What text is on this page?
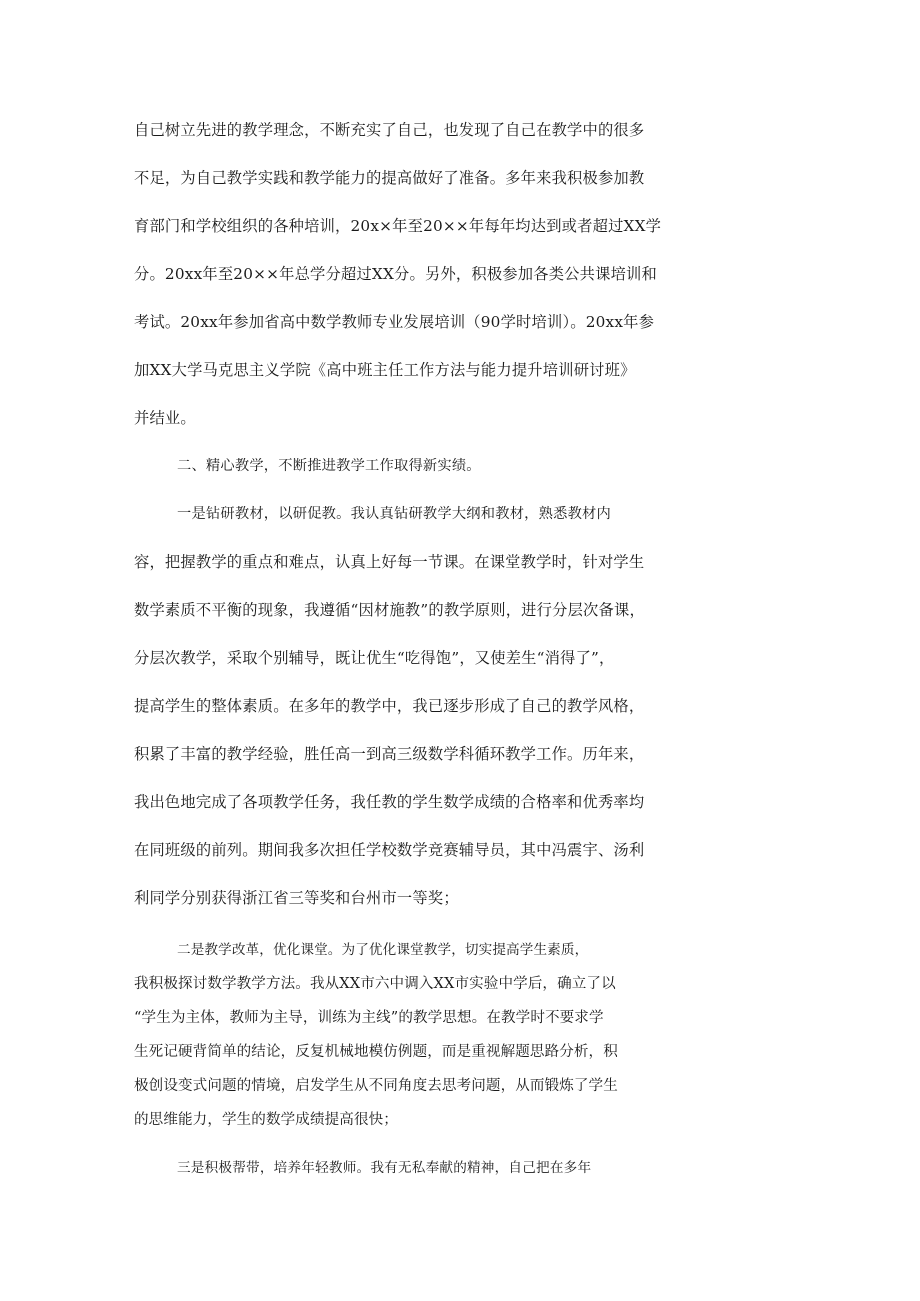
自己树立先进的教学理念，不断充实了自己，也发现了自己在教学中的很多
不足，为自己教学实践和教学能力的提高做好了准备。多年来我积极参加教
育部门和学校组织的各种培训，20x×年至20××年每年均达到或者超过XX学
分。20xx年至20××年总学分超过XX分。另外，积极参加各类公共课培训和
考试。20xx年参加省高中数学教师专业发展培训（90学时培训）。20xx年参
加XX大学马克思主义学院《高中班主任工作方法与能力提升培训研讨班》
并结业。
二、精心教学，不断推进教学工作取得新实绩。
一是钻研教材，以研促教。我认真钻研教学大纲和教材，熟悉教材内
容，把握教学的重点和难点，认真上好每一节课。在课堂教学时，针对学生
数学素质不平衡的现象，我遵循“因材施教”的教学原则，进行分层次备课，
分层次教学，采取个别辅导，既让优生“吃得饱”，又使差生“消得了”，
提高学生的整体素质。在多年的教学中，我已逐步形成了自己的教学风格，
积累了丰富的教学经验，胜任高一到高三级数学科循环教学工作。历年来，
我出色地完成了各项教学任务，我任教的学生数学成绩的合格率和优秀率均
在同班级的前列。期间我多次担任学校数学竞赛辅导员，其中冯震宇、汤利
利同学分别获得浙江省三等奖和台州市一等奖；
二是教学改革，优化课堂。为了优化课堂教学，切实提高学生素质，
我积极探讨数学教学方法。我从XX市六中调入XX市实验中学后，确立了以
“学生为主体，教师为主导，训练为主线”的教学思想。在教学时不要求学
生死记硬背简单的结论，反复机械地模仿例题，而是重视解题思路分析，积
极创设变式问题的情境，启发学生从不同角度去思考问题，从而锻炼了学生
的思维能力，学生的数学成绩提高很快；
三是积极帮带，培养年轻教师。我有无私奉献的精神，自己把在多年
